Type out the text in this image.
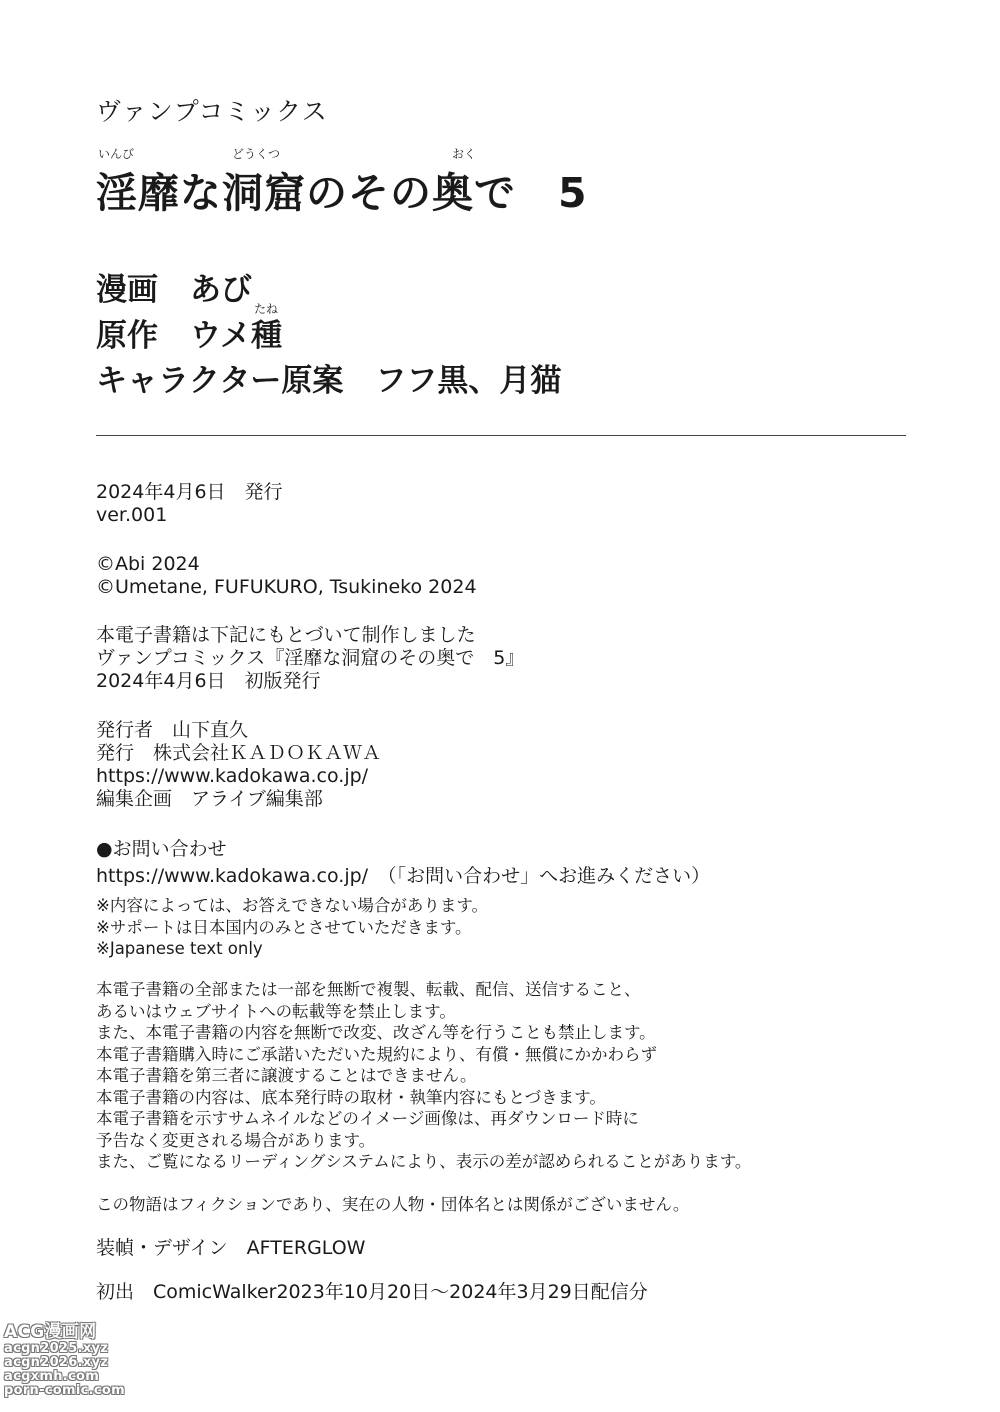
ヴァンプコミックス
いんび	どうくつ	おく
淫靡な洞窟のその奥で 5
漫画 あび
たね
原作 ウメ種
キャラクター原案 フフ黒、月猫
2024年4月6日　発行
ver.001
©Abi 2024
©Umetane, FUFUKURO, Tsukineko 2024
本電子書籍は下記にもとづいて制作しました
ヴァンプコミックス『淫靡な洞窟のその奥で　5』
2024年4月6日　初版発行
発行者　山下直久
発行　株式会社ＫＡＤＯＫＡＷＡ
https://www.kadokawa.co.jp/
編集企画　アライブ編集部
●お問い合わせ
https://www.kadokawa.co.jp/　（「お問い合わせ」へお進みください）
※内容によっては、お答えできない場合があります。
※サポートは日本国内のみとさせていただきます。
※Japanese text only
本電子書籍の全部または一部を無断で複製、転載、配信、送信すること、
あるいはウェブサイトへの転載等を禁止します。
また、本電子書籍の内容を無断で改変、改ざん等を行うことも禁止します。
本電子書籍購入時にご承諾いただいた規約により、有償・無償にかかわらず
本電子書籍を第三者に譲渡することはできません。
本電子書籍の内容は、底本発行時の取材・執筆内容にもとづきます。
本電子書籍を示すサムネイルなどのイメージ画像は、再ダウンロード時に
予告なく変更される場合があります。
また、ご覧になるリーディングシステムにより、表示の差が認められることがあります。
この物語はフィクションであり、実在の人物・団体名とは関係がございません。
装幀・デザイン　AFTERGLOW
初出　ComicWalker2023年10月20日～2024年3月29日配信分
ACG漫画网
acgn2025.xyz
acgn2026.xyz
acgxmh.com
porn-comic.com
